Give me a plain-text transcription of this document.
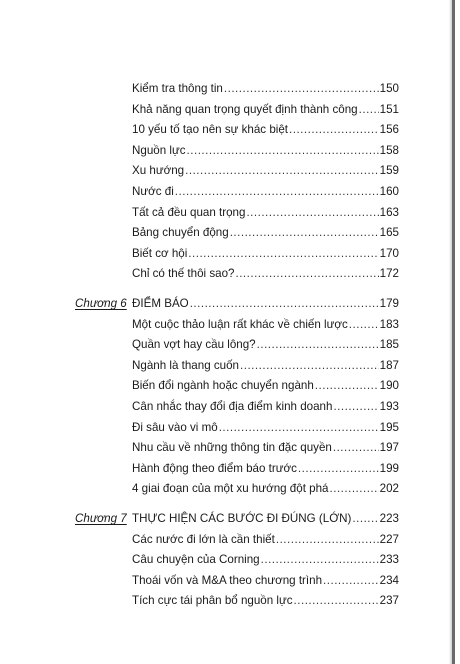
Kiểm tra thông tin .....	150
Khả năng quan trọng quyết định thành công ..... 151
10 yếu tố tạo nên sự khác biệt .....	156
Nguồn lực .....	158
Xu hướng .....	159
Nước đi .....	160
Tất cả đều quan trọng .....	163
Bảng chuyển động .....	165
Biết cơ hội .....	170
Chỉ có thế thôi sao? .....	172
Chương 6 ĐIỂM BÁO .....	179
Một cuộc thảo luận rất khác về chiến lược .....	183
Quần vợt hay cầu lông? .....	185
Ngành là thang cuốn .....	187
Biến đổi ngành hoặc chuyển ngành .....	190
Cân nhắc thay đổi địa điểm kinh doanh .....	193
Đi sâu vào vi mô .....	195
Nhu cầu về những thông tin đặc quyền .....	197
Hành động theo điểm báo trước .....	199
4 giai đoạn của một xu hướng đột phá .....	202
Chương 7 THỰC HIỆN CÁC BƯỚC ĐI ĐÚNG (LỚN) ..... 223
Các nước đi lớn là cần thiết .....	227
Câu chuyện của Corning .....	233
Thoái vốn và M&A theo chương trình .....	234
Tích cực tái phân bổ nguồn lực .....	237
